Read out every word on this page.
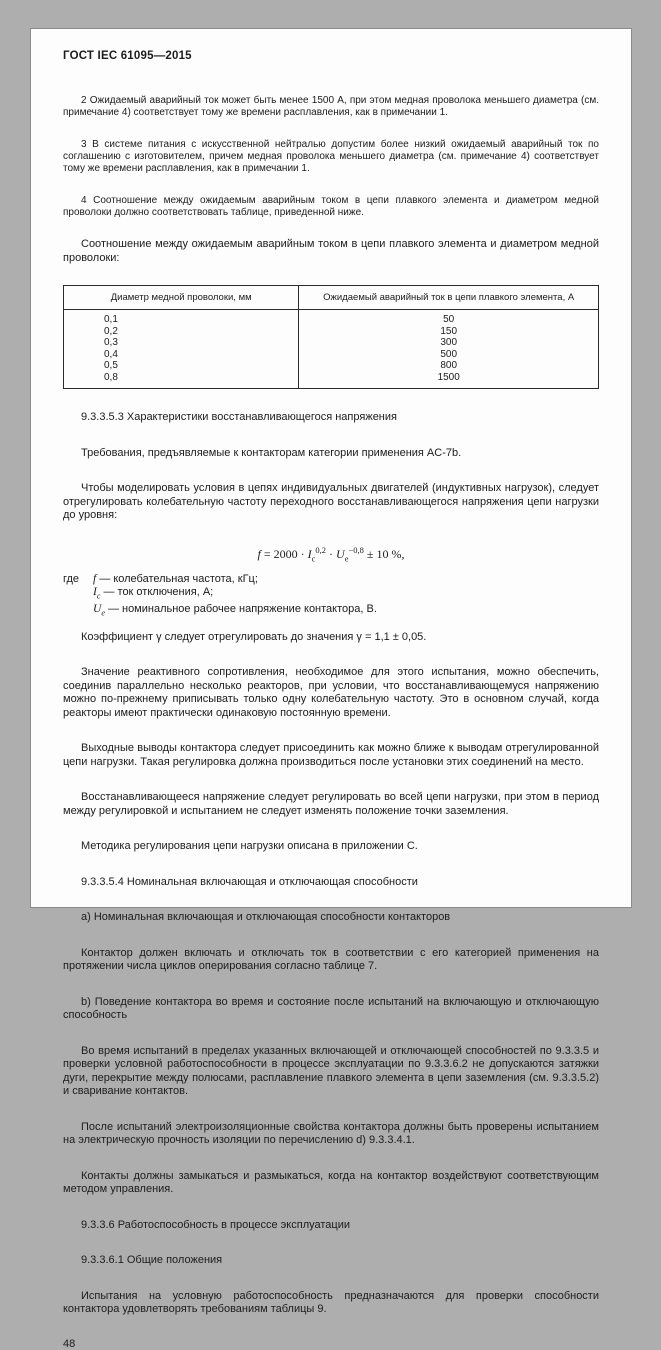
ГОСТ IEC 61095—2015

2 Ожидаемый аварийный ток может быть менее 1500 А, при этом медная проволока меньшего диаметра (см. примечание 4) соответствует тому же времени расплавления, как в примечании 1.

3 В системе питания с искусственной нейтралью допустим более низкий ожидаемый аварийный ток по соглашению с изготовителем, причем медная проволока меньшего диаметра (см. примечание 4) соответствует тому же времени расплавления, как в примечании 1.

4 Соотношение между ожидаемым аварийным током в цепи плавкого элемента и диаметром медной проволоки должно соответствовать таблице, приведенной ниже.

Соотношение между ожидаемым аварийным током в цепи плавкого элемента и диаметром медной проволоки:

Диаметр медной проволоки, мм	Ожидаемый аварийный ток в цепи плавкого элемента, А
0,1	50
0,2	150
0,3	300
0,4	500
0,5	800
0,8	1500

9.3.3.5.3 Характеристики восстанавливающегося напряжения

Требования, предъявляемые к контакторам категории применения AC-7b.

Чтобы моделировать условия в цепях индивидуальных двигателей (индуктивных нагрузок), следует отрегулировать колебательную частоту переходного восстанавливающегося напряжения цепи нагрузки до уровня:

$f = 2000 \cdot I_c^{0,2} \cdot U_e^{-0,8} \pm 10$ %,
где f — колебательная частота, кГц;
$I_c$ — ток отключения, А;
$U_e$ — номинальное рабочее напряжение контактора, В.

Коэффициент γ следует отрегулировать до значения γ = 1,1 ± 0,05.

Значение реактивного сопротивления, необходимое для этого испытания, можно обеспечить, соединив параллельно несколько реакторов, при условии, что восстанавливающемуся напряжению можно по-прежнему приписывать только одну колебательную частоту. Это в основном случай, когда реакторы имеют практически одинаковую постоянную времени.

Выходные выводы контактора следует присоединить как можно ближе к выводам отрегулированной цепи нагрузки. Такая регулировка должна производиться после установки этих соединений на место.

Восстанавливающееся напряжение следует регулировать во всей цепи нагрузки, при этом в период между регулировкой и испытанием не следует изменять положение точки заземления.

Методика регулирования цепи нагрузки описана в приложении С.

9.3.3.5.4 Номинальная включающая и отключающая способности

a) Номинальная включающая и отключающая способности контакторов

Контактор должен включать и отключать ток в соответствии с его категорией применения на протяжении числа циклов оперирования согласно таблице 7.

b) Поведение контактора во время и состояние после испытаний на включающую и отключающую способность

Во время испытаний в пределах указанных включающей и отключающей способностей по 9.3.3.5 и проверки условной работоспособности в процессе эксплуатации по 9.3.3.6.2 не допускаются затяжки дуги, перекрытие между полюсами, расплавление плавкого элемента в цепи заземления (см. 9.3.3.5.2) и сваривание контактов.

После испытаний электроизоляционные свойства контактора должны быть проверены испытанием на электрическую прочность изоляции по перечислению d) 9.3.3.4.1.

Контакты должны замыкаться и размыкаться, когда на контактор воздействуют соответствующим методом управления.

9.3.3.6 Работоспособность в процессе эксплуатации

9.3.3.6.1 Общие положения

Испытания на условную работоспособность предназначаются для проверки способности контактора удовлетворять требованиям таблицы 9.

48
